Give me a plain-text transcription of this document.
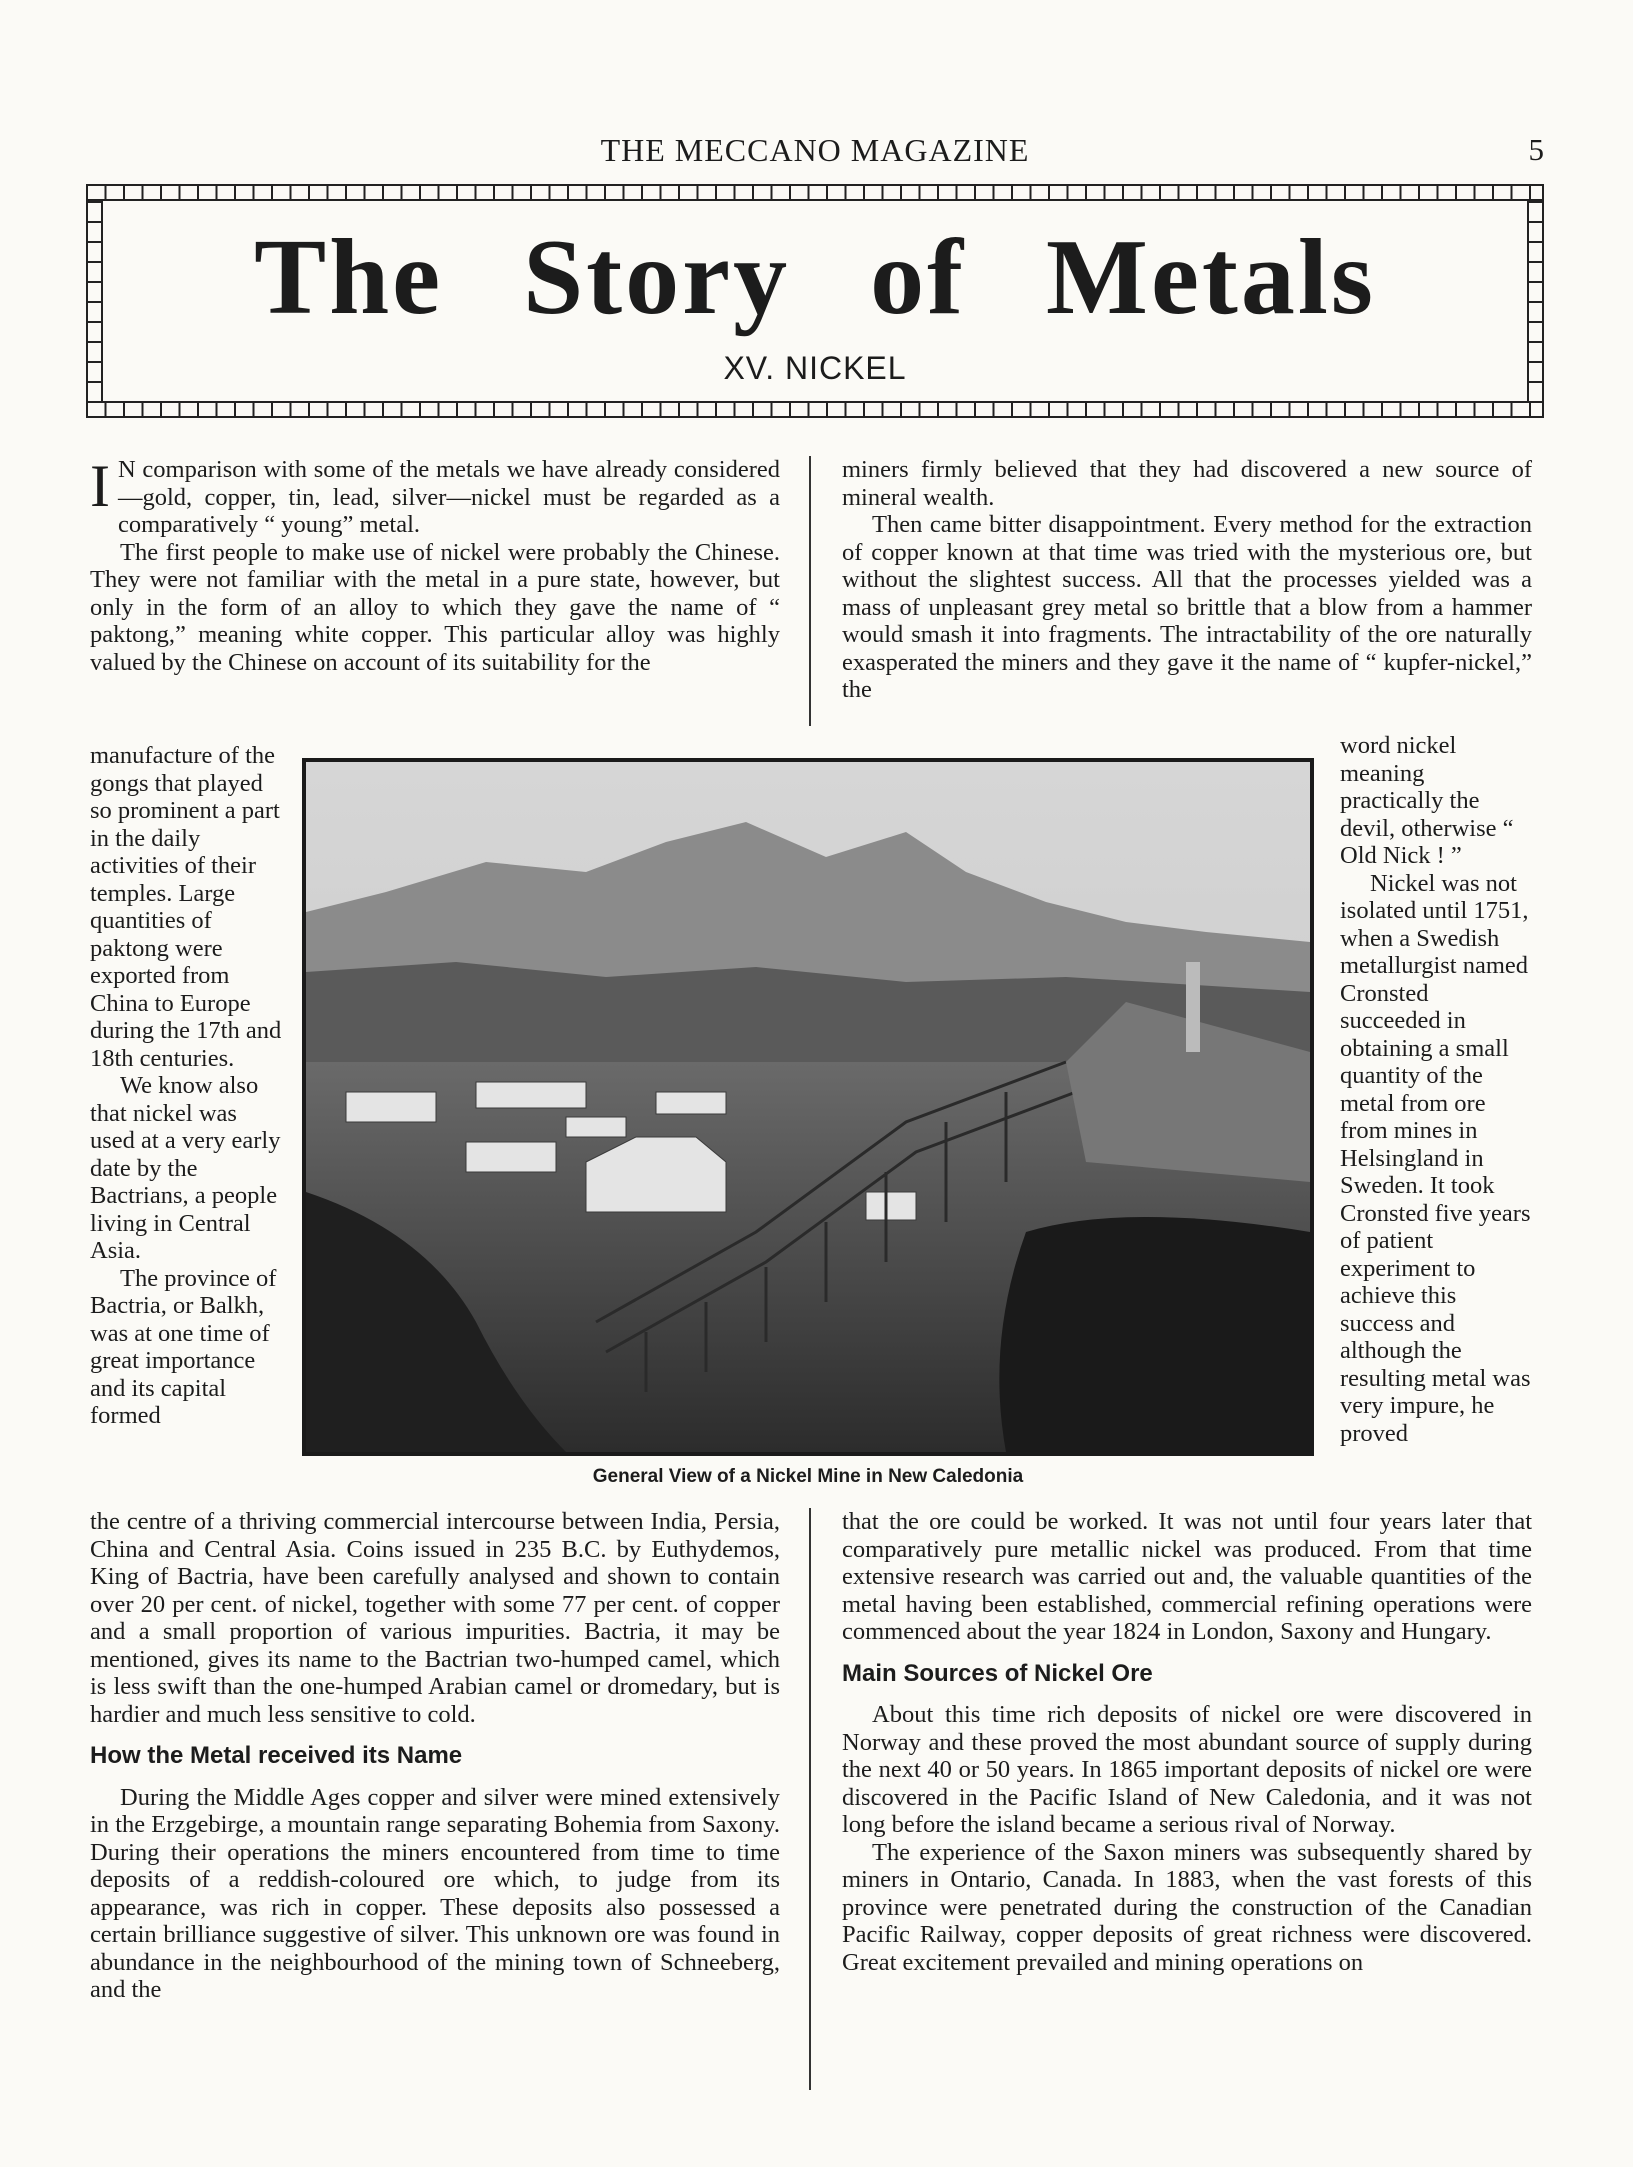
THE MECCANO MAGAZINE	5
The Story of Metals
XV. NICKEL

I N comparison with some of the metals we have already considered—gold, copper, tin, lead, silver—nickel must be regarded as a comparatively “ young” metal.

The first people to make use of nickel were probably the Chinese. They were not familiar with the metal in a pure state, however, but only in the form of an alloy to which they gave the name of “ paktong,” meaning white copper. This particular alloy was highly valued by the Chinese on account of its suitability for the

miners firmly believed that they had discovered a new source of mineral wealth.

Then came bitter disappointment. Every method for the extraction of copper known at that time was tried with the mysterious ore, but without the slightest success. All that the processes yielded was a mass of unpleasant grey metal so brittle that a blow from a hammer would smash it into fragments. The intractability of the ore naturally exasperated the miners and they gave it the name of “ kupfer-nickel,” the

manufacture of the gongs that played so prominent a part in the daily activities of their temples. Large quantities of paktong were exported from China to Europe during the 17th and 18th centuries.

We know also that nickel was used at a very early date by the Bactrians, a people living in Central Asia.

The province of Bactria, or Balkh, was at one time of great importance and its capital formed

General View of a Nickel Mine in New Caledonia

word nickel meaning practically the devil, otherwise “ Old Nick ! ”

Nickel was not isolated until 1751, when a Swedish metallurgist named Cronsted succeeded in obtaining a small quantity of the metal from ore from mines in Helsingland in Sweden. It took Cronsted five years of patient experiment to achieve this success and although the resulting metal was very impure, he proved

the centre of a thriving commercial intercourse between India, Persia, China and Central Asia. Coins issued in 235 B.C. by Euthydemos, King of Bactria, have been carefully analysed and shown to contain over 20 per cent. of nickel, together with some 77 per cent. of copper and a small proportion of various impurities. Bactria, it may be mentioned, gives its name to the Bactrian two-humped camel, which is less swift than the one-humped Arabian camel or dromedary, but is hardier and much less sensitive to cold.

How the Metal received its Name

During the Middle Ages copper and silver were mined extensively in the Erzgebirge, a mountain range separating Bohemia from Saxony. During their operations the miners encountered from time to time deposits of a reddish-coloured ore which, to judge from its appearance, was rich in copper. These deposits also possessed a certain brilliance suggestive of silver. This unknown ore was found in abundance in the neighbourhood of the mining town of Schneeberg, and the

that the ore could be worked. It was not until four years later that comparatively pure metallic nickel was produced. From that time extensive research was carried out and, the valuable quantities of the metal having been established, commercial refining operations were commenced about the year 1824 in London, Saxony and Hungary.

Main Sources of Nickel Ore

About this time rich deposits of nickel ore were discovered in Norway and these proved the most abundant source of supply during the next 40 or 50 years. In 1865 important deposits of nickel ore were discovered in the Pacific Island of New Caledonia, and it was not long before the island became a serious rival of Norway.

The experience of the Saxon miners was subsequently shared by miners in Ontario, Canada. In 1883, when the vast forests of this province were penetrated during the construction of the Canadian Pacific Railway, copper deposits of great richness were discovered. Great excitement prevailed and mining operations on
